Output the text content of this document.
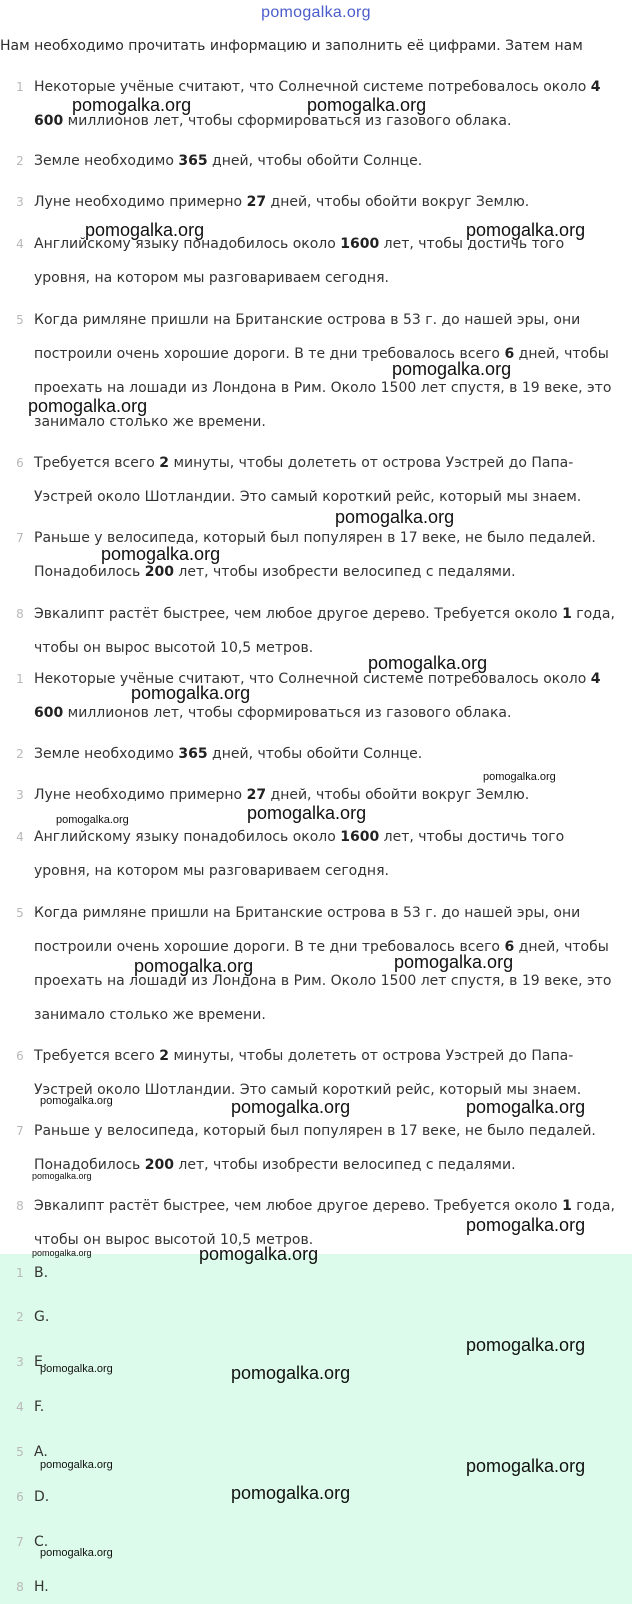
pomogalka.org
Нам необходимо прочитать информацию и заполнить её цифрами. Затем нам
1 Некоторые учёные считают, что Солнечной системе потребовалось около 4 600 миллионов лет, чтобы сформироваться из газового облака.
2 Земле необходимо 365 дней, чтобы обойти Солнце.
3 Луне необходимо примерно 27 дней, чтобы обойти вокруг Землю.
4 Английскому языку понадобилось около 1600 лет, чтобы достичь того уровня, на котором мы разговариваем сегодня.
5 Когда римляне пришли на Британские острова в 53 г. до нашей эры, они построили очень хорошие дороги. В те дни требовалось всего 6 дней, чтобы проехать на лошади из Лондона в Рим. Около 1500 лет спустя, в 19 веке, это занимало столько же времени.
6 Требуется всего 2 минуты, чтобы долететь от острова Уэстрей до Папа-Уэстрей около Шотландии. Это самый короткий рейс, который мы знаем.
7 Раньше у велосипеда, который был популярен в 17 веке, не было педалей. Понадобилось 200 лет, чтобы изобрести велосипед с педалями.
8 Эвкалипт растёт быстрее, чем любое другое дерево. Требуется около 1 года, чтобы он вырос высотой 10,5 метров.
1 Некоторые учёные считают, что Солнечной системе потребовалось около 4 600 миллионов лет, чтобы сформироваться из газового облака.
2 Земле необходимо 365 дней, чтобы обойти Солнце.
3 Луне необходимо примерно 27 дней, чтобы обойти вокруг Землю.
4 Английскому языку понадобилось около 1600 лет, чтобы достичь того уровня, на котором мы разговариваем сегодня.
5 Когда римляне пришли на Британские острова в 53 г. до нашей эры, они построили очень хорошие дороги. В те дни требовалось всего 6 дней, чтобы проехать на лошади из Лондона в Рим. Около 1500 лет спустя, в 19 веке, это занимало столько же времени.
6 Требуется всего 2 минуты, чтобы долететь от острова Уэстрей до Папа-Уэстрей около Шотландии. Это самый короткий рейс, который мы знаем.
7 Раньше у велосипеда, который был популярен в 17 веке, не было педалей. Понадобилось 200 лет, чтобы изобрести велосипед с педалями.
8 Эвкалипт растёт быстрее, чем любое другое дерево. Требуется около 1 года, чтобы он вырос высотой 10,5 метров.
1 B.
2 G.
3 E.
4 F.
5 A.
6 D.
7 C.
8 H.
pomogalka.org	pomogalka.org
pomogalka.org	pomogalka.org
pomogalka.org
pomogalka.org
pomogalka.org
pomogalka.org
pomogalka.org
pomogalka.org
pomogalka.org
pomogalka.org
pomogalka.org
pomogalka.org	pomogalka.org
pomogalka.org	pomogalka.org	pomogalka.org
pomogalka.org
pomogalka.org
pomogalka.org	pomogalka.org
pomogalka.org
pomogalka.org	pomogalka.org
pomogalka.org
pomogalka.org
pomogalka.org
pomogalka.org
